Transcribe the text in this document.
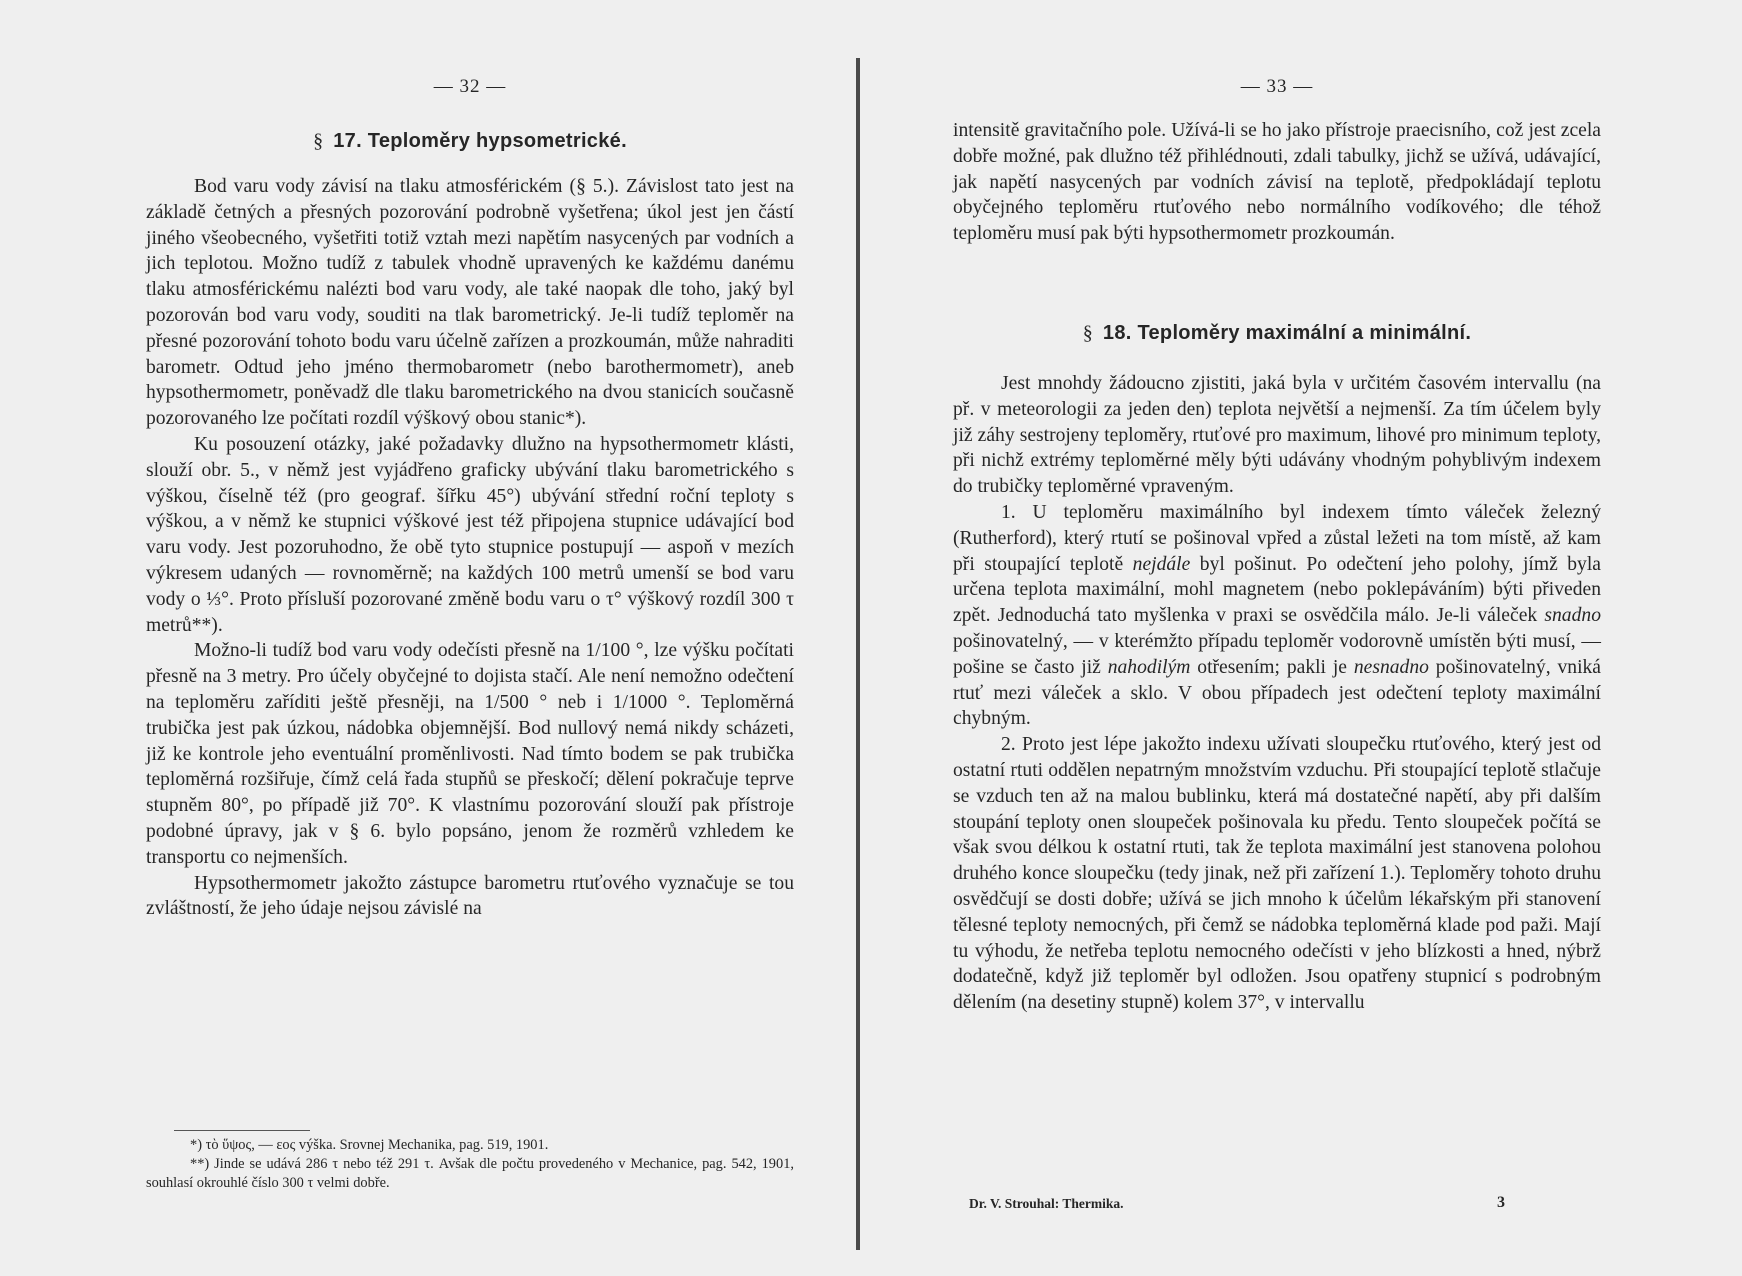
— 32 —
§ 17. Teploměry hypsometrické.

Bod varu vody závisí na tlaku atmosférickém (§ 5.). Závislost tato jest na základě četných a přesných pozorování podrobně vyšetřena; úkol jest jen částí jiného všeobecného, vyšetřiti totiž vztah mezi napětím nasycených par vodních a jich teplotou. Možno tudíž z tabulek vhodně upravených ke každému danému tlaku atmosférickému nalézti bod varu vody, ale také naopak dle toho, jaký byl pozorován bod varu vody, souditi na tlak barometrický. Je-li tudíž teploměr na přesné pozorování tohoto bodu varu účelně zařízen a prozkoumán, může nahraditi barometr. Odtud jeho jméno thermobarometr (nebo barothermometr), aneb hypsothermometr, poněvadž dle tlaku barometrického na dvou stanicích současně pozorovaného lze počítati rozdíl výškový obou stanic*).

Ku posouzení otázky, jaké požadavky dlužno na hypsothermometr klásti, slouží obr. 5., v němž jest vyjádřeno graficky ubývání tlaku barometrického s výškou, číselně též (pro geograf. šířku 45°) ubývání střední roční teploty s výškou, a v němž ke stupnici výškové jest též připojena stupnice udávající bod varu vody. Jest pozoruhodno, že obě tyto stupnice postupují — aspoň v mezích výkresem udaných — rovnoměrně; na každých 100 metrů umenší se bod varu vody o ⅓°. Proto přísluší pozorované změně bodu varu o τ° výškový rozdíl 300 τ metrů**).

Možno-li tudíž bod varu vody odečísti přesně na 1/100 °, lze výšku počítati přesně na 3 metry. Pro účely obyčejné to dojista stačí. Ale není nemožno odečtení na teploměru zaříditi ještě přesněji, na 1/500 ° neb i 1/1000 °. Teploměrná trubička jest pak úzkou, nádobka objemnější. Bod nullový nemá nikdy scházeti, již ke kontrole jeho eventuální proměnlivosti. Nad tímto bodem se pak trubička teploměrná rozšiřuje, čímž celá řada stupňů se přeskočí; dělení pokračuje teprve stupněm 80°, po případě již 70°. K vlastnímu pozorování slouží pak přístroje podobné úpravy, jak v § 6. bylo popsáno, jenom že rozměrů vzhledem ke transportu co nejmenších.

Hypsothermometr jakožto zástupce barometru rtuťového vyznačuje se tou zvláštností, že jeho údaje nejsou závislé na

*) τὸ ὕψος, — εος výška. Srovnej Mechanika, pag. 519, 1901.

**) Jinde se udává 286 τ nebo též 291 τ. Avšak dle počtu provedeného v Mechanice, pag. 542, 1901, souhlasí okrouhlé číslo 300 τ velmi dobře.

— 33 —

intensitě gravitačního pole. Užívá-li se ho jako přístroje praecisního, což jest zcela dobře možné, pak dlužno též přihlédnouti, zdali tabulky, jichž se užívá, udávající, jak napětí nasycených par vodních závisí na teplotě, předpokládají teplotu obyčejného teploměru rtuťového nebo normálního vodíkového; dle téhož teploměru musí pak býti hypsothermometr prozkoumán.

§ 18. Teploměry maximální a minimální.

Jest mnohdy žádoucno zjistiti, jaká byla v určitém časovém intervallu (na př. v meteorologii za jeden den) teplota největší a nejmenší. Za tím účelem byly již záhy sestrojeny teploměry, rtuťové pro maximum, lihové pro minimum teploty, při nichž extrémy teploměrné měly býti udávány vhodným pohyblivým indexem do trubičky teploměrné vpraveným.

1. U teploměru maximálního byl indexem tímto váleček železný (Rutherford), který rtutí se pošinoval vpřed a zůstal ležeti na tom místě, až kam při stoupající teplotě nejdále byl pošinut. Po odečtení jeho polohy, jímž byla určena teplota maximální, mohl magnetem (nebo poklepáváním) býti přiveden zpět. Jednoduchá tato myšlenka v praxi se osvědčila málo. Je-li váleček snadno pošinovatelný, — v kterémžto případu teploměr vodorovně umístěn býti musí, — pošine se často již nahodilým otřesením; pakli je nesnadno pošinovatelný, vniká rtuť mezi váleček a sklo. V obou případech jest odečtení teploty maximální chybným.

2. Proto jest lépe jakožto indexu užívati sloupečku rtuťového, který jest od ostatní rtuti oddělen nepatrným množstvím vzduchu. Při stoupající teplotě stlačuje se vzduch ten až na malou bublinku, která má dostatečné napětí, aby při dalším stoupání teploty onen sloupeček pošinovala ku předu. Tento sloupeček počítá se však svou délkou k ostatní rtuti, tak že teplota maximální jest stanovena polohou druhého konce sloupečku (tedy jinak, než při zařízení 1.). Teploměry tohoto druhu osvědčují se dosti dobře; užívá se jich mnoho k účelům lékařským při stanovení tělesné teploty nemocných, při čemž se nádobka teploměrná klade pod paži. Mají tu výhodu, že netřeba teplotu nemocného odečísti v jeho blízkosti a hned, nýbrž dodatečně, když již teploměr byl odložen. Jsou opatřeny stupnicí s podrobným dělením (na desetiny stupně) kolem 37°, v intervallu

Dr. V. Strouhal: Thermika.	3
